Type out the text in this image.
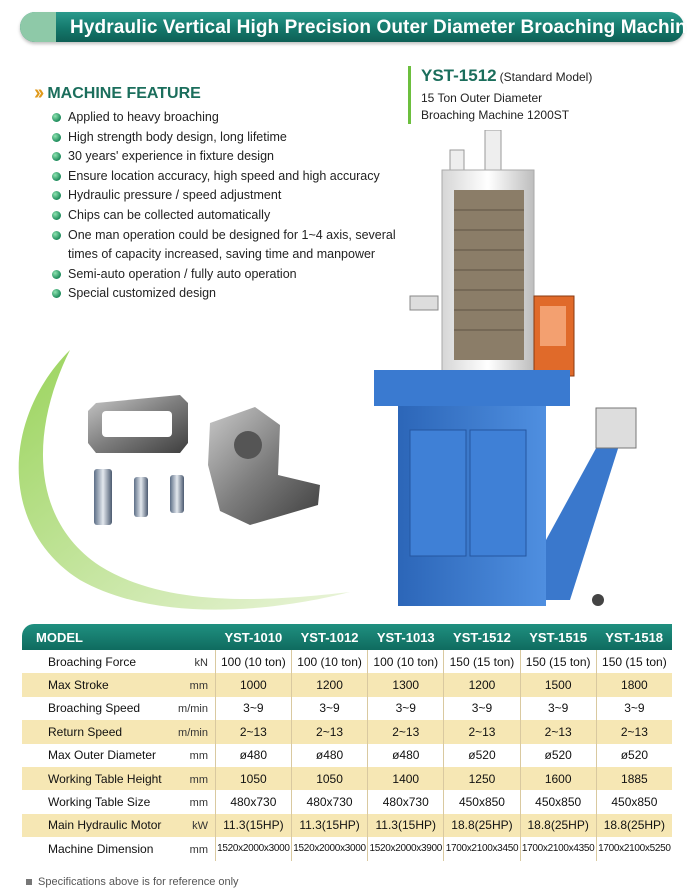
Hydraulic Vertical High Precision Outer Diameter Broaching Machine
›› MACHINE FEATURE
Applied to heavy broaching
High strength body design, long lifetime
30 years' experience in fixture design
Ensure location accuracy, high speed and high accuracy
Hydraulic pressure / speed adjustment
Chips can be collected automatically
One man operation could be designed for 1~4 axis, several times of capacity increased, saving time and manpower
Semi-auto operation / fully auto operation
Special customized design
YST-1512 (Standard Model)
15 Ton Outer Diameter
Broaching Machine 1200ST
MODEL	YST-1010	YST-1012	YST-1013	YST-1512	YST-1515	YST-1518
Broaching Force kN	100 (10 ton)	100 (10 ton)	100 (10 ton)	150 (15 ton)	150 (15 ton)	150 (15 ton)
Max Stroke mm	1000	1200	1300	1200	1500	1800
Broaching Speed m/min	3~9	3~9	3~9	3~9	3~9	3~9
Return Speed m/min	2~13	2~13	2~13	2~13	2~13	2~13
Max Outer Diameter mm	ø480	ø480	ø480	ø520	ø520	ø520
Working Table Height mm	1050	1050	1400	1250	1600	1885
Working Table Size mm	480x730	480x730	480x730	450x850	450x850	450x850
Main Hydraulic Motor kW	11.3(15HP)	11.3(15HP)	11.3(15HP)	18.8(25HP)	18.8(25HP)	18.8(25HP)
Machine Dimension mm	1520x2000x3000	1520x2000x3000	1520x2000x3900	1700x2100x3450	1700x2100x4350	1700x2100x5250
Specifications above is for reference only
